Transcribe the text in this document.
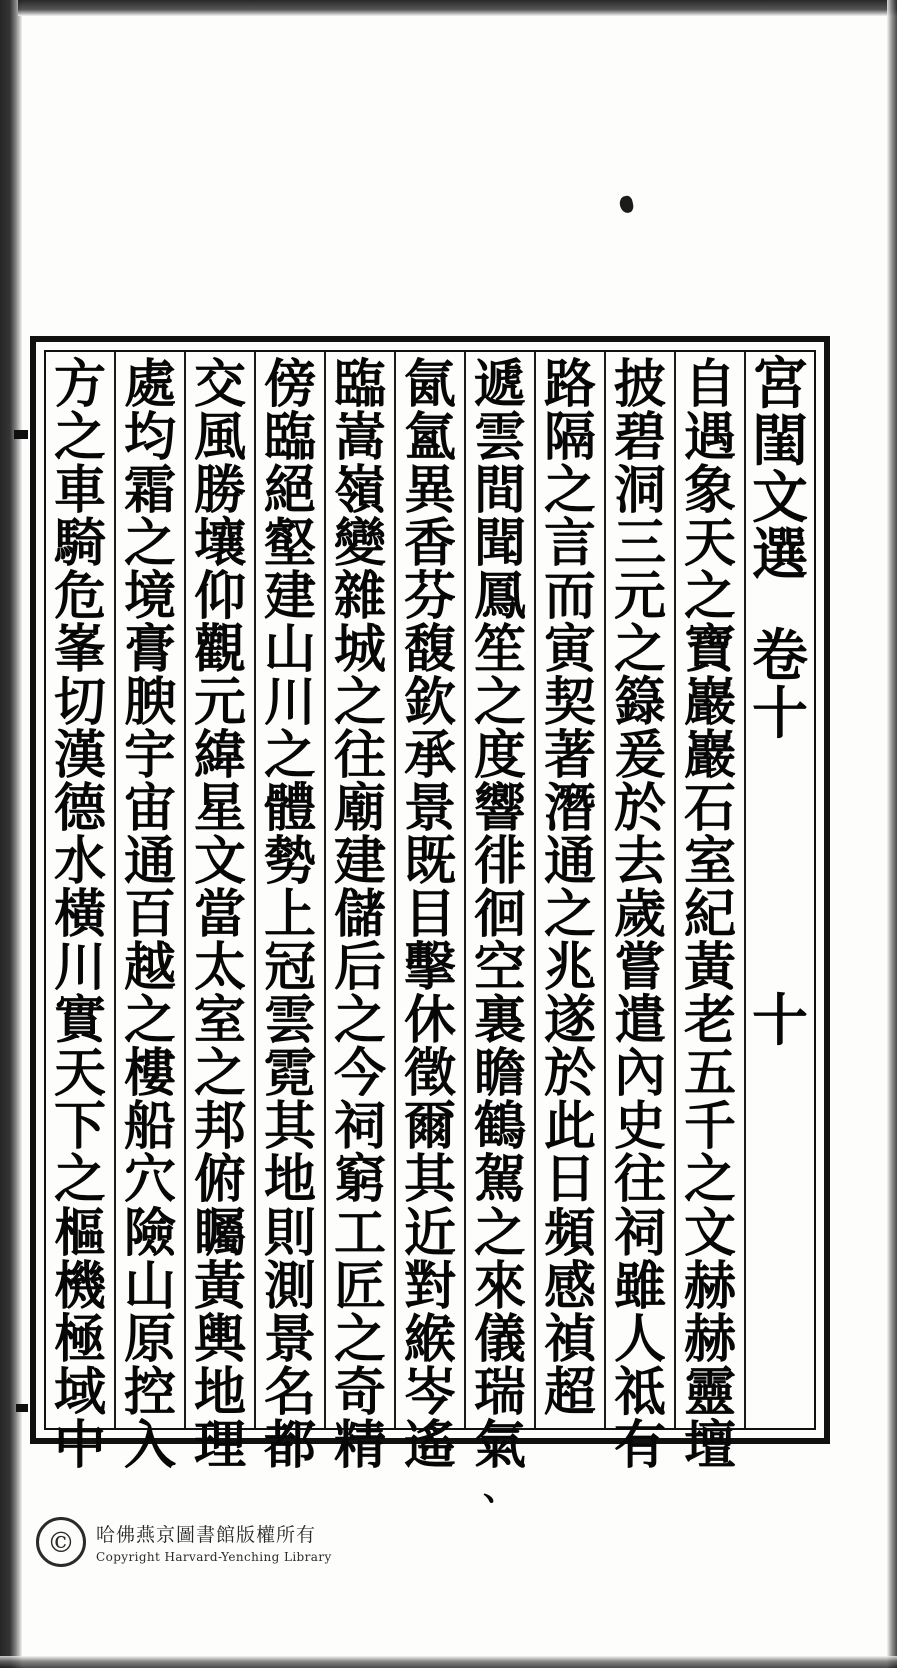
宮
閨
文
選
卷
十
十
自
遇
象
天
之
寶
巖
巖
石
室
紀
黃
老
五
千
之
文
赫
赫
靈
壇
披
碧
洞
三
元
之
籙
爰
於
去
歲
嘗
遣
內
史
往
祠
雖
人
祗
有
路
隔
之
言
而
寅
契
著
潛
通
之
兆
遂
於
此
日
頻
感
禎
超
遞
雲
間
聞
鳳
笙
之
度
響
徘
徊
空
裏
瞻
鶴
駕
之
來
儀
瑞
氣
、
氤
氳
異
香
芬
馥
欽
承
景
既
目
擊
休
徵
爾
其
近
對
緱
岑
遙
臨
嵩
嶺
變
雜
城
之
往
廟
建
儲
后
之
今
祠
窮
工
匠
之
奇
精
傍
臨
絕
壑
建
山
川
之
體
勢
上
冠
雲
霓
其
地
則
測
景
名
都
交
風
勝
壤
仰
觀
元
緯
星
文
當
太
室
之
邦
俯
矚
黃
輿
地
理
處
均
霜
之
境
膏
腴
宇
宙
通
百
越
之
樓
船
穴
險
山
原
控
入
方
之
車
騎
危
峯
切
漢
德
水
橫
川
實
天
下
之
樞
機
極
域
中
©	哈佛燕京圖書館版權所有
Copyright Harvard-Yenching Library
